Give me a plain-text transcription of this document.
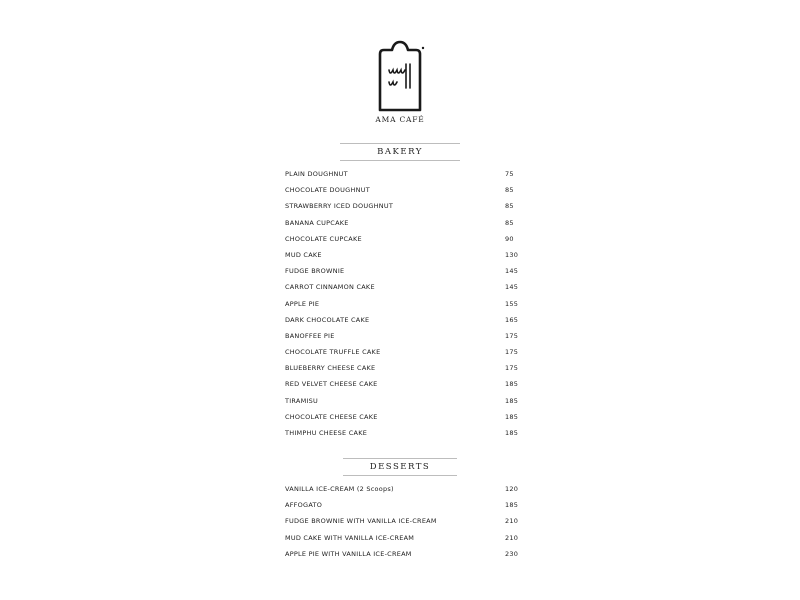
AMA CAFÉ
BAKERY
PLAIN DOUGHNUT	75
CHOCOLATE DOUGHNUT	85
STRAWBERRY ICED DOUGHNUT	85
BANANA CUPCAKE	85
CHOCOLATE CUPCAKE	90
MUD CAKE	130
FUDGE BROWNIE	145
CARROT CINNAMON CAKE	145
APPLE PIE	155
DARK CHOCOLATE CAKE	165
BANOFFEE PIE	175
CHOCOLATE TRUFFLE CAKE	175
BLUEBERRY CHEESE CAKE	175
RED VELVET CHEESE CAKE	185
TIRAMISU	185
CHOCOLATE CHEESE CAKE	185
THIMPHU CHEESE CAKE	185
DESSERTS
VANILLA ICE-CREAM (2 Scoops)	120
AFFOGATO	185
FUDGE BROWNIE WITH VANILLA ICE-CREAM	210
MUD CAKE WITH VANILLA ICE-CREAM	210
APPLE PIE WITH VANILLA ICE-CREAM	230
